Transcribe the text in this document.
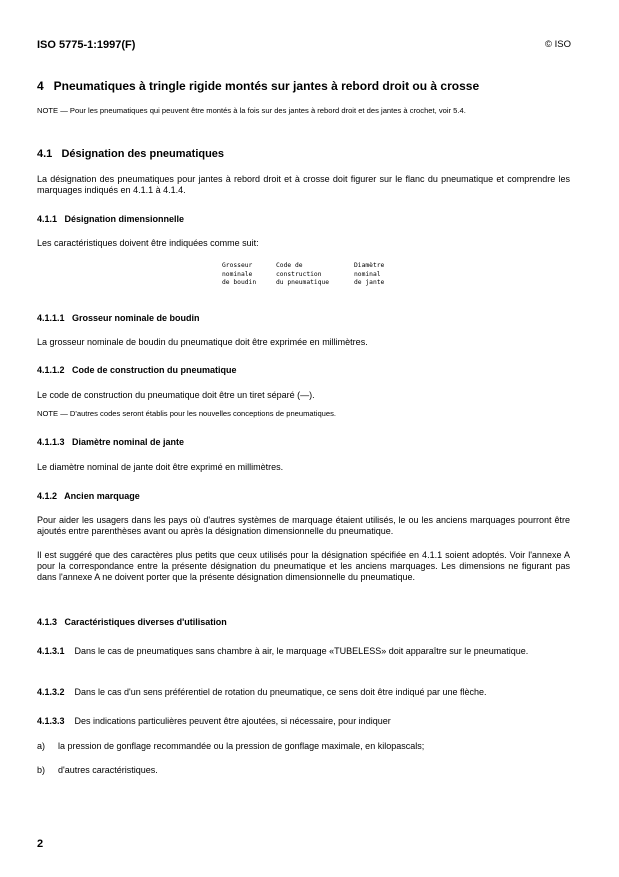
ISO 5775-1:1997(F)	© ISO
4   Pneumatiques à tringle rigide montés sur jantes à rebord droit ou à crosse
NOTE — Pour les pneumatiques qui peuvent être montés à la fois sur des jantes à rebord droit et des jantes à crochet, voir 5.4.
4.1   Désignation des pneumatiques
La désignation des pneumatiques pour jantes à rebord droit et à crosse doit figurer sur le flanc du pneumatique et comprendre les marquages indiqués en 4.1.1 à 4.1.4.
4.1.1   Désignation dimensionnelle
Les caractéristiques doivent être indiquées comme suit:
Grosseur
nominale
de boudin
Code de
construction
du pneumatique
Diamètre
nominal
de jante
4.1.1.1   Grosseur nominale de boudin
La grosseur nominale de boudin du pneumatique doit être exprimée en millimètres.
4.1.1.2   Code de construction du pneumatique
Le code de construction du pneumatique doit être un tiret séparé (—).
NOTE — D'autres codes seront établis pour les nouvelles conceptions de pneumatiques.
4.1.1.3   Diamètre nominal de jante
Le diamètre nominal de jante doit être exprimé en millimètres.
4.1.2   Ancien marquage
Pour aider les usagers dans les pays où d'autres systèmes de marquage étaient utilisés, le ou les anciens marquages pourront être ajoutés entre parenthèses avant ou après la désignation dimensionnelle du pneumatique.
Il est suggéré que des caractères plus petits que ceux utilisés pour la désignation spécifiée en 4.1.1 soient adoptés. Voir l'annexe A pour la correspondance entre la présente désignation du pneumatique et les anciens marquages. Les dimensions ne figurant pas dans l'annexe A ne doivent porter que la présente désignation dimensionnelle du pneumatique.
4.1.3   Caractéristiques diverses d'utilisation
4.1.3.1 Dans le cas de pneumatiques sans chambre à air, le marquage «TUBELESS» doit apparaître sur le pneumatique.
4.1.3.2 Dans le cas d'un sens préférentiel de rotation du pneumatique, ce sens doit être indiqué par une flèche.
4.1.3.3 Des indications particulières peuvent être ajoutées, si nécessaire, pour indiquer
a) la pression de gonflage recommandée ou la pression de gonflage maximale, en kilopascals;
b) d'autres caractéristiques.
2
